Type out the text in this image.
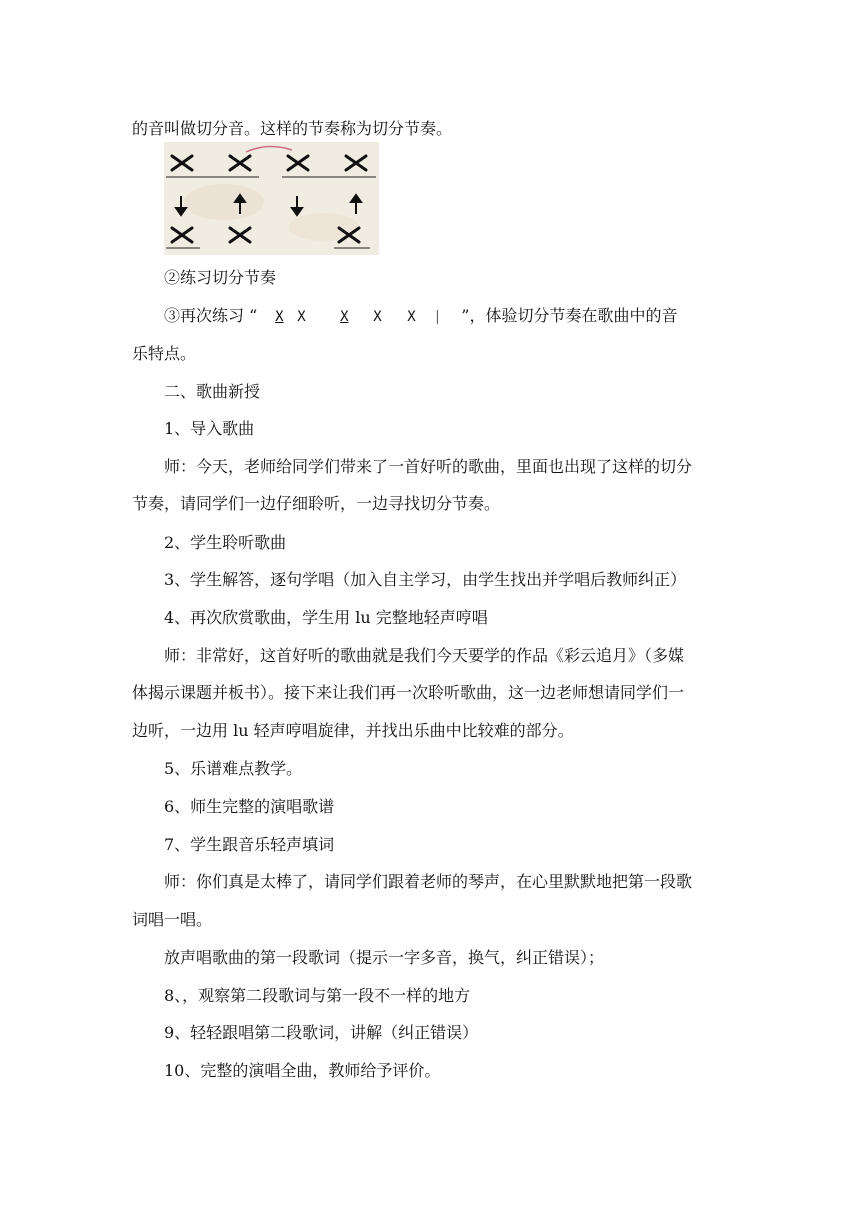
的音叫做切分音。这样的节奏称为切分节奏。
②练习切分节奏
③再次练习 “ X X X X X | ”，体验切分节奏在歌曲中的音
乐特点。
二、歌曲新授
1、导入歌曲
师：今天，老师给同学们带来了一首好听的歌曲，里面也出现了这样的切分
节奏，请同学们一边仔细聆听，一边寻找切分节奏。
2、学生聆听歌曲
3、学生解答，逐句学唱（加入自主学习，由学生找出并学唱后教师纠正）
4、再次欣赏歌曲，学生用 lu 完整地轻声哼唱
师：非常好，这首好听的歌曲就是我们今天要学的作品《彩云追月》（多媒
体揭示课题并板书）。接下来让我们再一次聆听歌曲，这一边老师想请同学们一
边听，一边用 lu 轻声哼唱旋律，并找出乐曲中比较难的部分。
5、乐谱难点教学。
6、师生完整的演唱歌谱
7、学生跟音乐轻声填词
师：你们真是太棒了，请同学们跟着老师的琴声，在心里默默地把第一段歌
词唱一唱。
放声唱歌曲的第一段歌词（提示一字多音，换气，纠正错误）；
8、，观察第二段歌词与第一段不一样的地方
9、轻轻跟唱第二段歌词，讲解（纠正错误）
10、完整的演唱全曲，教师给予评价。
